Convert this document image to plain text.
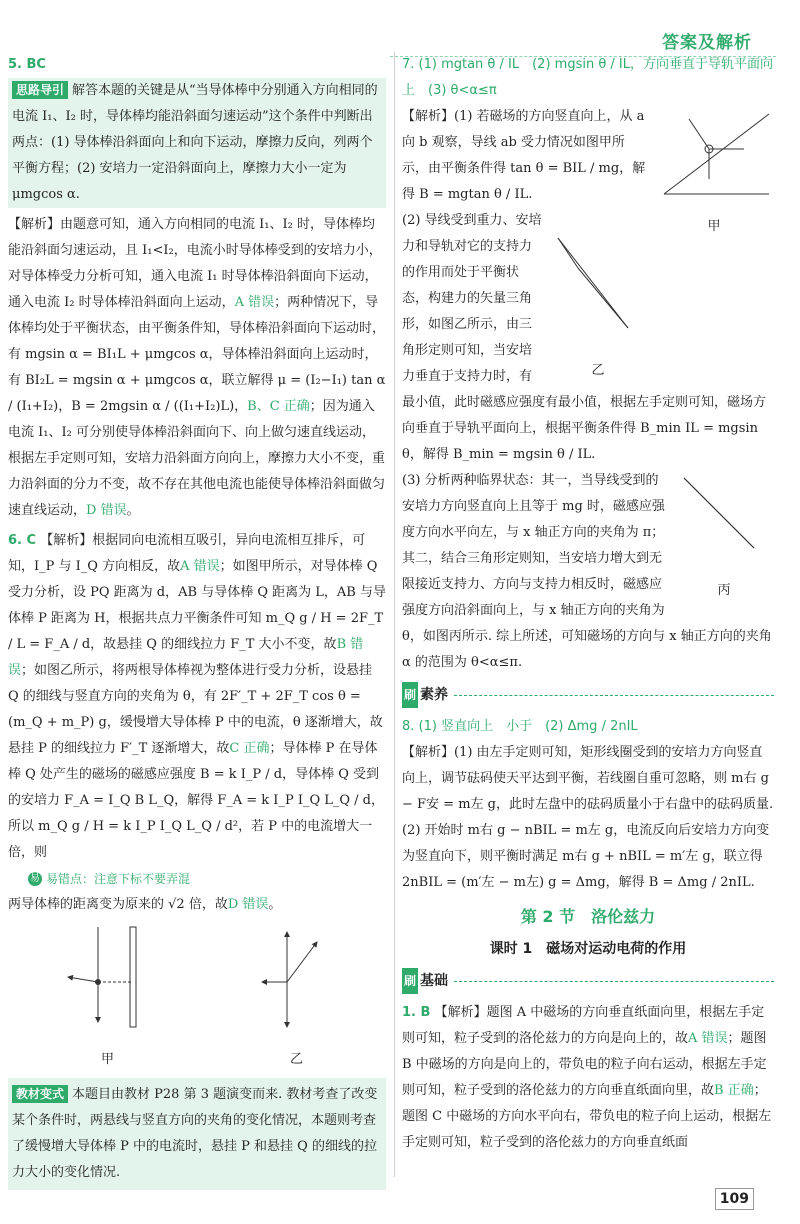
答案及解析

5. BC

思路导引 解答本题的关键是从“当导体棒中分别通入方向相同的电流 I₁、I₂ 时，导体棒均能沿斜面匀速运动”这个条件中判断出两点：(1) 导体棒沿斜面向上和向下运动，摩擦力反向，列两个平衡方程；(2) 安培力一定沿斜面向上，摩擦力大小一定为 μmgcos α.

【解析】由题意可知，通入方向相同的电流 I₁、I₂ 时，导体棒均能沿斜面匀速运动，且 I₁<I₂，电流小时导体棒受到的安培力小，对导体棒受力分析可知，通入电流 I₁ 时导体棒沿斜面向下运动，通入电流 I₂ 时导体棒沿斜面向上运动，A 错误；两种情况下，导体棒均处于平衡状态，由平衡条件知，导体棒沿斜面向下运动时，有 mgsin α = BI₁L + μmgcos α，导体棒沿斜面向上运动时，有 BI₂L = mgsin α + μmgcos α，联立解得 μ = (I₂−I₁) tan α / (I₁+I₂)，B = 2mgsin α / ((I₁+I₂)L)，B、C 正确；因为通入电流 I₁、I₂ 可分别使导体棒沿斜面向下、向上做匀速直线运动，根据左手定则可知，安培力沿斜面方向向上，摩擦力大小不变，重力沿斜面的分力不变，故不存在其他电流也能使导体棒沿斜面做匀速直线运动，D 错误。

6. C 【解析】根据同向电流相互吸引，异向电流相互排斥，可知，I_P 与 I_Q 方向相反，故A 错误；如图甲所示，对导体棒 Q 受力分析，设 PQ 距离为 d，AB 与导体棒 Q 距离为 L，AB 与导体棒 P 距离为 H，根据共点力平衡条件可知 m_Q g / H = 2F_T / L = F_A / d，故悬挂 Q 的细线拉力 F_T 大小不变，故B 错误；如图乙所示，将两根导体棒视为整体进行受力分析，设悬挂 Q 的细线与竖直方向的夹角为 θ，有 2F′_T + 2F_T cos θ = (m_Q + m_P) g，缓慢增大导体棒 P 中的电流，θ 逐渐增大，故悬挂 P 的细线拉力 F′_T 逐渐增大，故C 正确；导体棒 P 在导体棒 Q 处产生的磁场的磁感应强度 B = k I_P / d，导体棒 Q 受到的安培力 F_A = I_Q B L_Q，解得 F_A = k I_P I_Q L_Q / d，所以 m_Q g / H = k I_P I_Q L_Q / d²，若 P 中的电流增大一倍，则

易 易错点：注意下标不要弄混

两导体棒的距离变为原来的 √2 倍，故D 错误。

甲	乙

教材变式 本题目由教材 P28 第 3 题演变而来. 教材考查了改变某个条件时，两悬线与竖直方向的夹角的变化情况，本题则考查了缓慢增大导体棒 P 中的电流时，悬挂 P 和悬挂 Q 的细线的拉力大小的变化情况.

7. (1) mgtan θ / IL　(2) mgsin θ / IL，方向垂直于导轨平面向上　(3) θ<α≤π

甲

【解析】(1) 若磁场的方向竖直向上，从 a 向 b 观察，导线 ab 受力情况如图甲所示，由平衡条件得 tan θ = BIL / mg，解得 B = mgtan θ / IL.

乙

(2) 导线受到重力、安培力和导轨对它的支持力的作用而处于平衡状态，构建力的矢量三角形，如图乙所示，由三角形定则可知，当安培力垂直于支持力时，有最小值，此时磁感应强度有最小值，根据左手定则可知，磁场方向垂直于导轨平面向上，根据平衡条件得 B_min IL = mgsin θ，解得 B_min = mgsin θ / IL.

丙

(3) 分析两种临界状态：其一，当导线受到的安培力方向竖直向上且等于 mg 时，磁感应强度方向水平向左，与 x 轴正方向的夹角为 π；其二，结合三角形定则知，当安培力增大到无限接近支持力、方向与支持力相反时，磁感应强度方向沿斜面向上，与 x 轴正方向的夹角为 θ，如图丙所示. 综上所述，可知磁场的方向与 x 轴正方向的夹角 α 的范围为 θ<α≤π.

刷 素养

8. (1) 竖直向上　小于　(2) Δmg / 2nIL

【解析】(1) 由左手定则可知，矩形线圈受到的安培力方向竖直向上，调节砝码使天平达到平衡，若线圈自重可忽略，则 m右 g − F安 = m左 g，此时左盘中的砝码质量小于右盘中的砝码质量.

(2) 开始时 m右 g − nBIL = m左 g，电流反向后安培力方向变为竖直向下，则平衡时满足 m右 g + nBIL = m′左 g，联立得 2nBIL = (m′左 − m左) g = Δmg，解得 B = Δmg / 2nIL.

第 2 节　洛伦兹力

课时 1　磁场对运动电荷的作用

刷 基础

1. B 【解析】题图 A 中磁场的方向垂直纸面向里，根据左手定则可知，粒子受到的洛伦兹力的方向是向上的，故A 错误；题图 B 中磁场的方向是向上的，带负电的粒子向右运动，根据左手定则可知，粒子受到的洛伦兹力的方向垂直纸面向里，故B 正确；题图 C 中磁场的方向水平向右，带负电的粒子向上运动，根据左手定则可知，粒子受到的洛伦兹力的方向垂直纸面

109
